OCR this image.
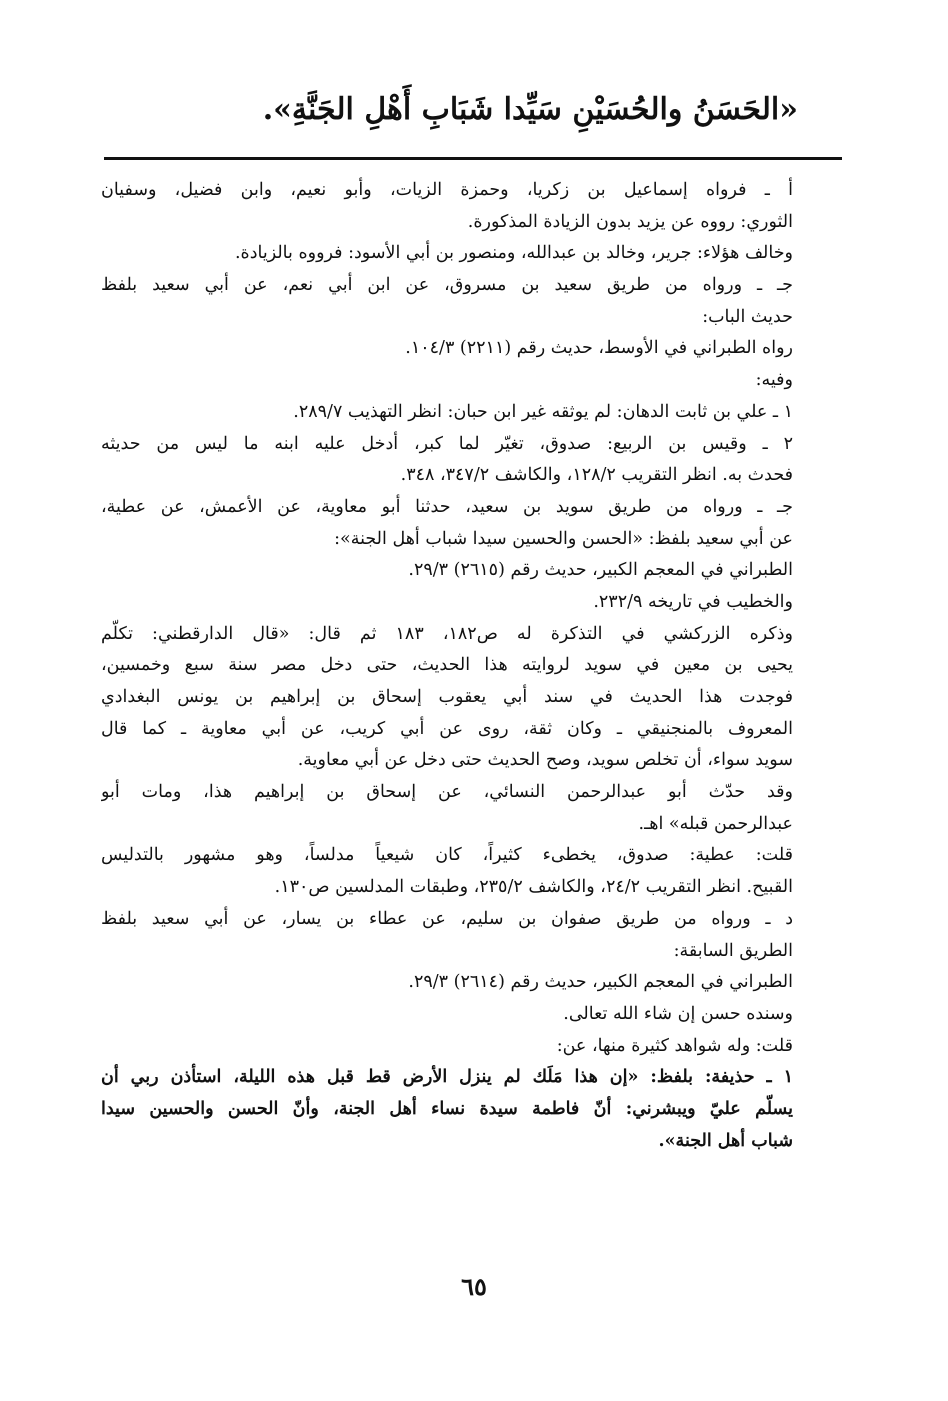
«الحَسَنُ والحُسَيْنِ سَيِّدا شَبَابِ أَهْلِ الجَنَّةِ».
أ ـ فرواه إسماعيل بن زكريا، وحمزة الزيات، وأبو نعيم، وابن فضيل، وسفيان
الثوري: رووه عن يزيد بدون الزيادة المذكورة.
وخالف هؤلاء: جرير، وخالد بن عبدالله، ومنصور بن أبي الأسود: فرووه بالزيادة.
جـ ـ ورواه من طريق سعيد بن مسروق، عن ابن أبي نعم، عن أبي سعيد بلفظ
حديث الباب:
رواه الطبراني في الأوسط، حديث رقم (٢٢١١) ١٠٤/٣.
وفيه:
١ ـ علي بن ثابت الدهان: لم يوثقه غير ابن حبان: انظر التهذيب ٢٨٩/٧.
٢ ـ وقيس بن الربيع: صدوق، تغيّر لما كبر، أدخل عليه ابنه ما ليس من حديثه
فحدث به. انظر التقريب ١٢٨/٢، والكاشف ٣٤٧/٢، ٣٤٨.
جـ ـ ورواه من طريق سويد بن سعيد، حدثنا أبو معاوية، عن الأعمش، عن عطية،
عن أبي سعيد بلفظ: «الحسن والحسين سيدا شباب أهل الجنة»:
الطبراني في المعجم الكبير، حديث رقم (٢٦١٥) ٢٩/٣.
والخطيب في تاريخه ٢٣٢/٩.
وذكره الزركشي في التذكرة له ص١٨٢، ١٨٣ ثم قال: «قال الدارقطني: تكلّم
يحيى بن معين في سويد لروايته هذا الحديث، حتى دخل مصر سنة سبع وخمسين،
فوجدت هذا الحديث في سند أبي يعقوب إسحاق بن إبراهيم بن يونس البغدادي
المعروف بالمنجنيقي ـ وكان ثقة، روى عن أبي كريب، عن أبي معاوية ـ كما قال
سويد سواء، أن تخلص سويد، وصح الحديث حتى دخل عن أبي معاوية.
وقد حدّث أبو عبدالرحمن النسائي، عن إسحاق بن إبراهيم هذا، ومات أبو
عبدالرحمن قبله» اهـ.
قلت: عطية: صدوق، يخطىء كثيراً، كان شيعياً مدلساً، وهو مشهور بالتدليس
القبيح. انظر التقريب ٢٤/٢، والكاشف ٢٣٥/٢، وطبقات المدلسين ص١٣٠.
د ـ ورواه من طريق صفوان بن سليم، عن عطاء بن يسار، عن أبي سعيد بلفظ
الطريق السابقة:
الطبراني في المعجم الكبير، حديث رقم (٢٦١٤) ٢٩/٣.
وسنده حسن إن شاء الله تعالى.
قلت: وله شواهد كثيرة منها، عن:
١ ـ حذيفة: بلفظ: «إن هذا مَلَك لم ينزل الأرض قط قبل هذه الليلة، استأذن ربي أن
يسلّم عليّ ويبشرني: أنّ فاطمة سيدة نساء أهل الجنة، وأنّ الحسن والحسين سيدا
شباب أهل الجنة».
٦٥
